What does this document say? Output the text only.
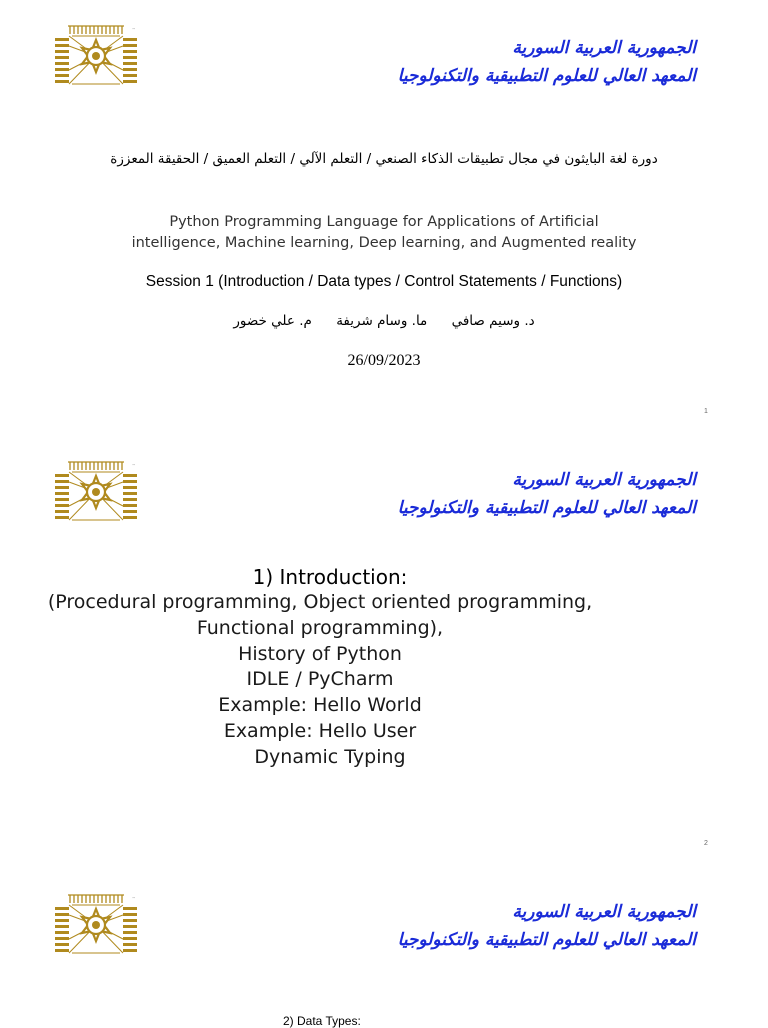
الجمهورية العربية السورية
المعهد العالي للعلوم التطبيقية والتكنولوجيا
دورة لغة البايثون في مجال تطبيقات الذكاء الصنعي / التعلم الآلي / التعلم العميق / الحقيقة المعززة
Python Programming Language for Applications of Artificial
intelligence, Machine learning, Deep learning, and Augmented reality
Session 1 (Introduction / Data types / Control Statements / Functions)
د. وسيم صافي ما. وسام شريفة م. علي خضور
26/09/2023
1
الجمهورية العربية السورية
المعهد العالي للعلوم التطبيقية والتكنولوجيا
1) Introduction:
(Procedural programming, Object oriented programming,
Functional programming),
History of Python
IDLE / PyCharm
Example: Hello World
Example: Hello User
Dynamic Typing
2
الجمهورية العربية السورية
المعهد العالي للعلوم التطبيقية والتكنولوجيا
2) Data Types:
